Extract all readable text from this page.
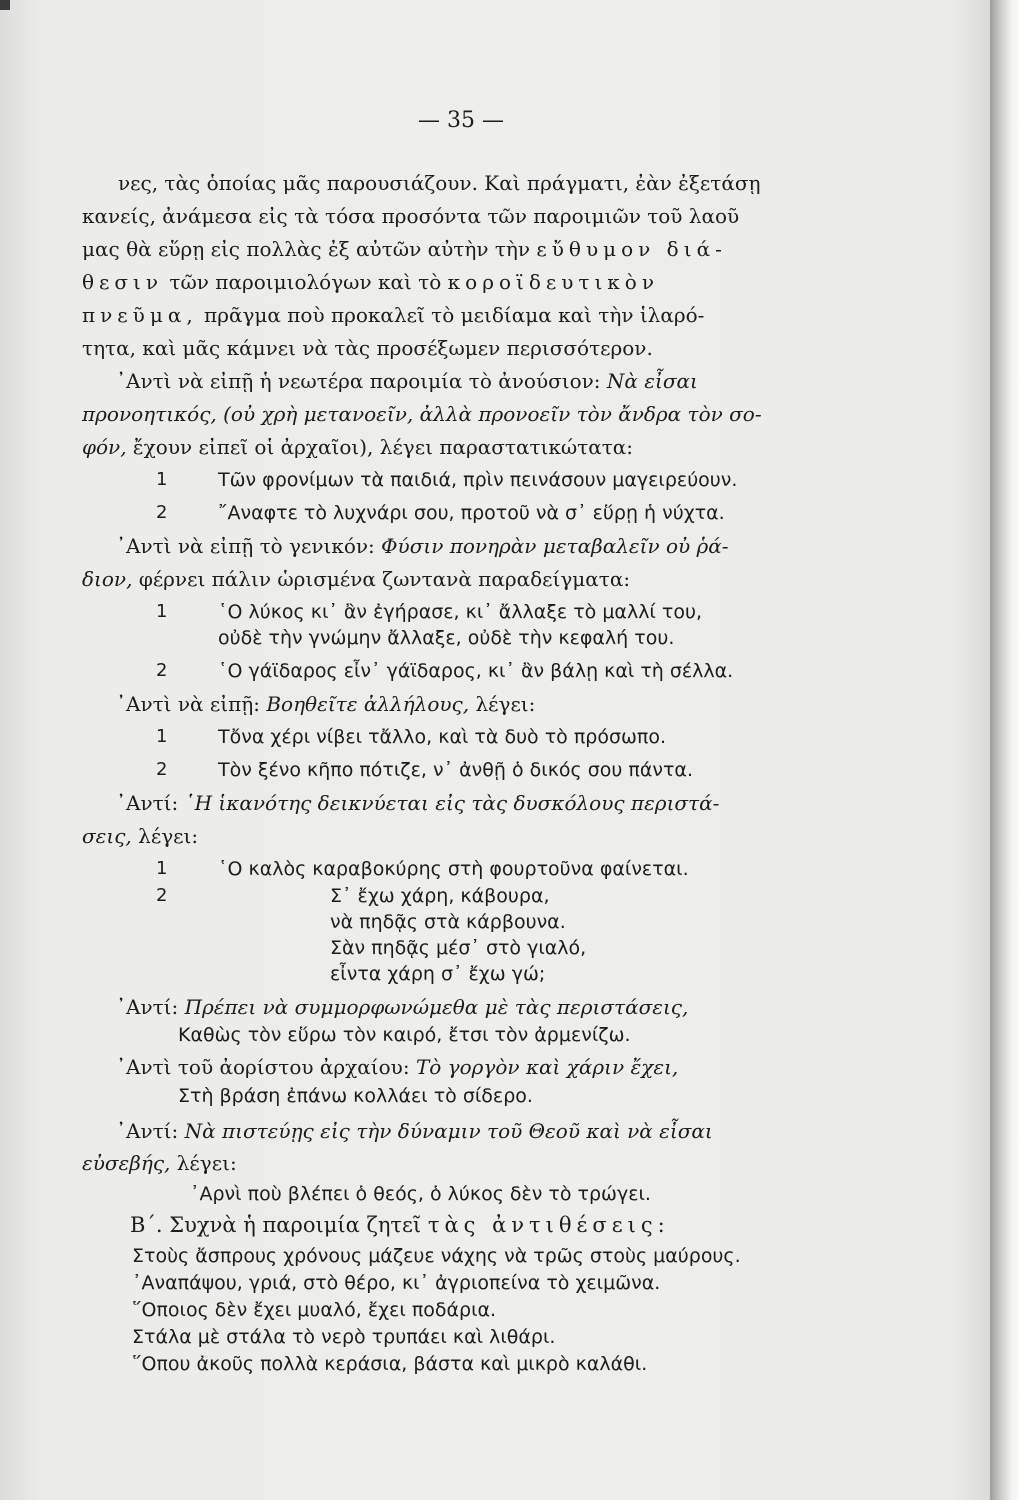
— 35 —
νες, τὰς ὁποίας μᾶς παρουσιάζουν. Καὶ πράγματι, ἐὰν ἐξετάσῃ
κανείς, ἀνάμεσα εἰς τὰ τόσα προσόντα τῶν παροιμιῶν τοῦ λαοῦ
μας θὰ εὕρῃ εἰς πολλὰς ἐξ αὐτῶν αὐτὴν τὴν εὔθυμον διά-
θεσιν τῶν παροιμιολόγων καὶ τὸ κοροϊδευτικὸν
πνεῦμα, πρᾶγμα ποὺ προκαλεῖ τὸ μειδίαμα καὶ τὴν ἱλαρό-
τητα, καὶ μᾶς κάμνει νὰ τὰς προσέξωμεν περισσότερον.
᾿Αντὶ νὰ εἰπῇ ἡ νεωτέρα παροιμία τὸ ἀνούσιον: Νὰ εἶσαι
προνοητικός, (οὐ χρὴ μετανοεῖν, ἀλλὰ προνοεῖν τὸν ἄνδρα τὸν σο-
φόν, ἔχουν εἰπεῖ οἱ ἀρχαῖοι), λέγει παραστατικώτατα:
1	Τῶν φρονίμων τὰ παιδιά, πρὶν πεινάσουν μαγειρεύουν.
2	῎Αναφτε τὸ λυχνάρι σου, προτοῦ νὰ σ᾿ εὕρῃ ἡ νύχτα.
᾿Αντὶ νὰ εἰπῇ τὸ γενικόν: Φύσιν πονηρὰν μεταβαλεῖν οὐ ῥά-
διον, φέρνει πάλιν ὡρισμένα ζωντανὰ παραδείγματα:
1	῾Ο λύκος κι᾿ ἂν ἐγήρασε, κι᾿ ἄλλαξε τὸ μαλλί του,
οὐδὲ τὴν γνώμην ἄλλαξε, οὐδὲ τὴν κεφαλή του.
2	῾Ο γάϊδαρος εἶν᾿ γάϊδαρος, κι᾿ ἂν βάλῃ καὶ τὴ σέλλα.
᾿Αντὶ νὰ εἰπῇ: Βοηθεῖτε ἀλλήλους, λέγει:
1	Τὄνα χέρι νίβει τἄλλο, καὶ τὰ δυὸ τὸ πρόσωπο.
2	Τὸν ξένο κῆπο πότιζε, ν᾿ ἀνθῇ ὁ δικός σου πάντα.
᾿Αντί: ῾Η ἱκανότης δεικνύεται εἰς τὰς δυσκόλους περιστά-
σεις, λέγει:
1	῾Ο καλὸς καραβοκύρης στὴ φουρτοῦνα φαίνεται.
2	Σ᾿ ἔχω χάρη, κάβουρα,
νὰ πηδᾷς στὰ κάρβουνα.
Σὰν πηδᾷς μέσ᾿ στὸ γιαλό,
εἶντα χάρη σ᾿ ἔχω γώ;
᾿Αντί: Πρέπει νὰ συμμορφωνώμεθα μὲ τὰς περιστάσεις,
Καθὼς τὸν εὕρω τὸν καιρό, ἔτσι τὸν ἀρμενίζω.
᾿Αντὶ τοῦ ἀορίστου ἀρχαίου: Τὸ γοργὸν καὶ χάριν ἔχει,
Στὴ βράση ἐπάνω κολλάει τὸ σίδερο.
᾿Αντί: Νὰ πιστεύῃς εἰς τὴν δύναμιν τοῦ Θεοῦ καὶ νὰ εἶσαι
εὐσεβής, λέγει:
᾿Αρνὶ ποὺ βλέπει ὁ θεός, ὁ λύκος δὲν τὸ τρώγει.
Β΄. Συχνὰ ἡ παροιμία ζητεῖ τὰς ἀντιθέσεις:
Στοὺς ἄσπρους χρόνους μάζευε νάχης νὰ τρῶς στοὺς μαύρους.
᾿Αναπάψου, γριά, στὸ θέρο, κι᾿ ἀγριοπείνα τὸ χειμῶνα.
῞Οποιος δὲν ἔχει μυαλό, ἔχει ποδάρια.
Στάλα μὲ στάλα τὸ νερὸ τρυπάει καὶ λιθάρι.
῞Οπου ἀκοῦς πολλὰ κεράσια, βάστα καὶ μικρὸ καλάθι.
